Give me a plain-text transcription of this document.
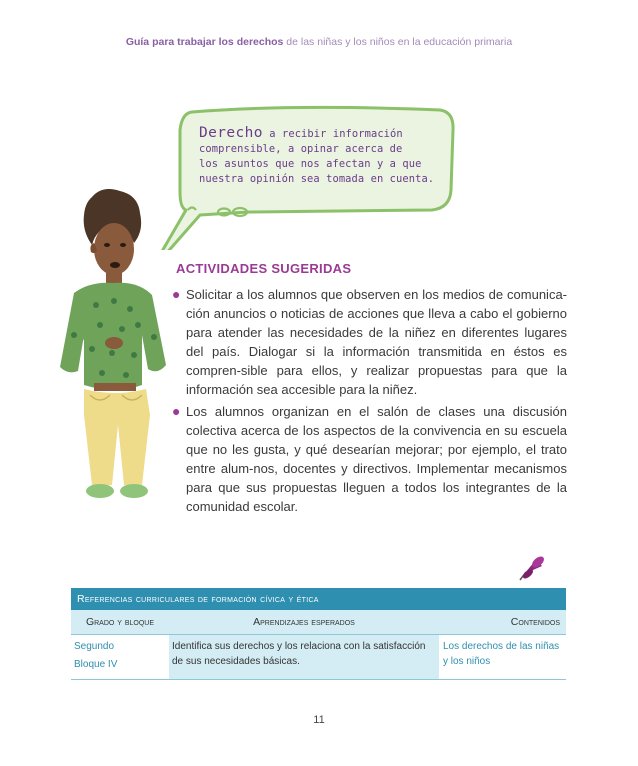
Guía para trabajar los derechos de las niñas y los niños en la educación primaria
Derecho a recibir información
comprensible, a opinar acerca de
los asuntos que nos afectan y a que
nuestra opinión sea tomada en cuenta.
ACTIVIDADES SUGERIDAS
● Solicitar a los alumnos que observen en los medios de comunica-ción anuncios o noticias de acciones que lleva a cabo el gobierno para atender las necesidades de la niñez en diferentes lugares del país. Dialogar si la información transmitida en éstos es compren-sible para ellos, y realizar propuestas para que la información sea accesible para la niñez.

● Los alumnos organizan en el salón de clases una discusión colectiva acerca de los aspectos de la convivencia en su escuela que no les gusta, y qué desearían mejorar; por ejemplo, el trato entre alum-nos, docentes y directivos. Implementar mecanismos para que sus propuestas lleguen a todos los integrantes de la comunidad escolar.

Referencias curriculares de formación cívica y ética
Grado y bloque	Aprendizajes esperados	Contenidos
Segundo
Bloque IV
Identifica sus derechos y los relaciona con la satisfacción de sus necesidades básicas.
Los derechos de las niñas y los niños
11
